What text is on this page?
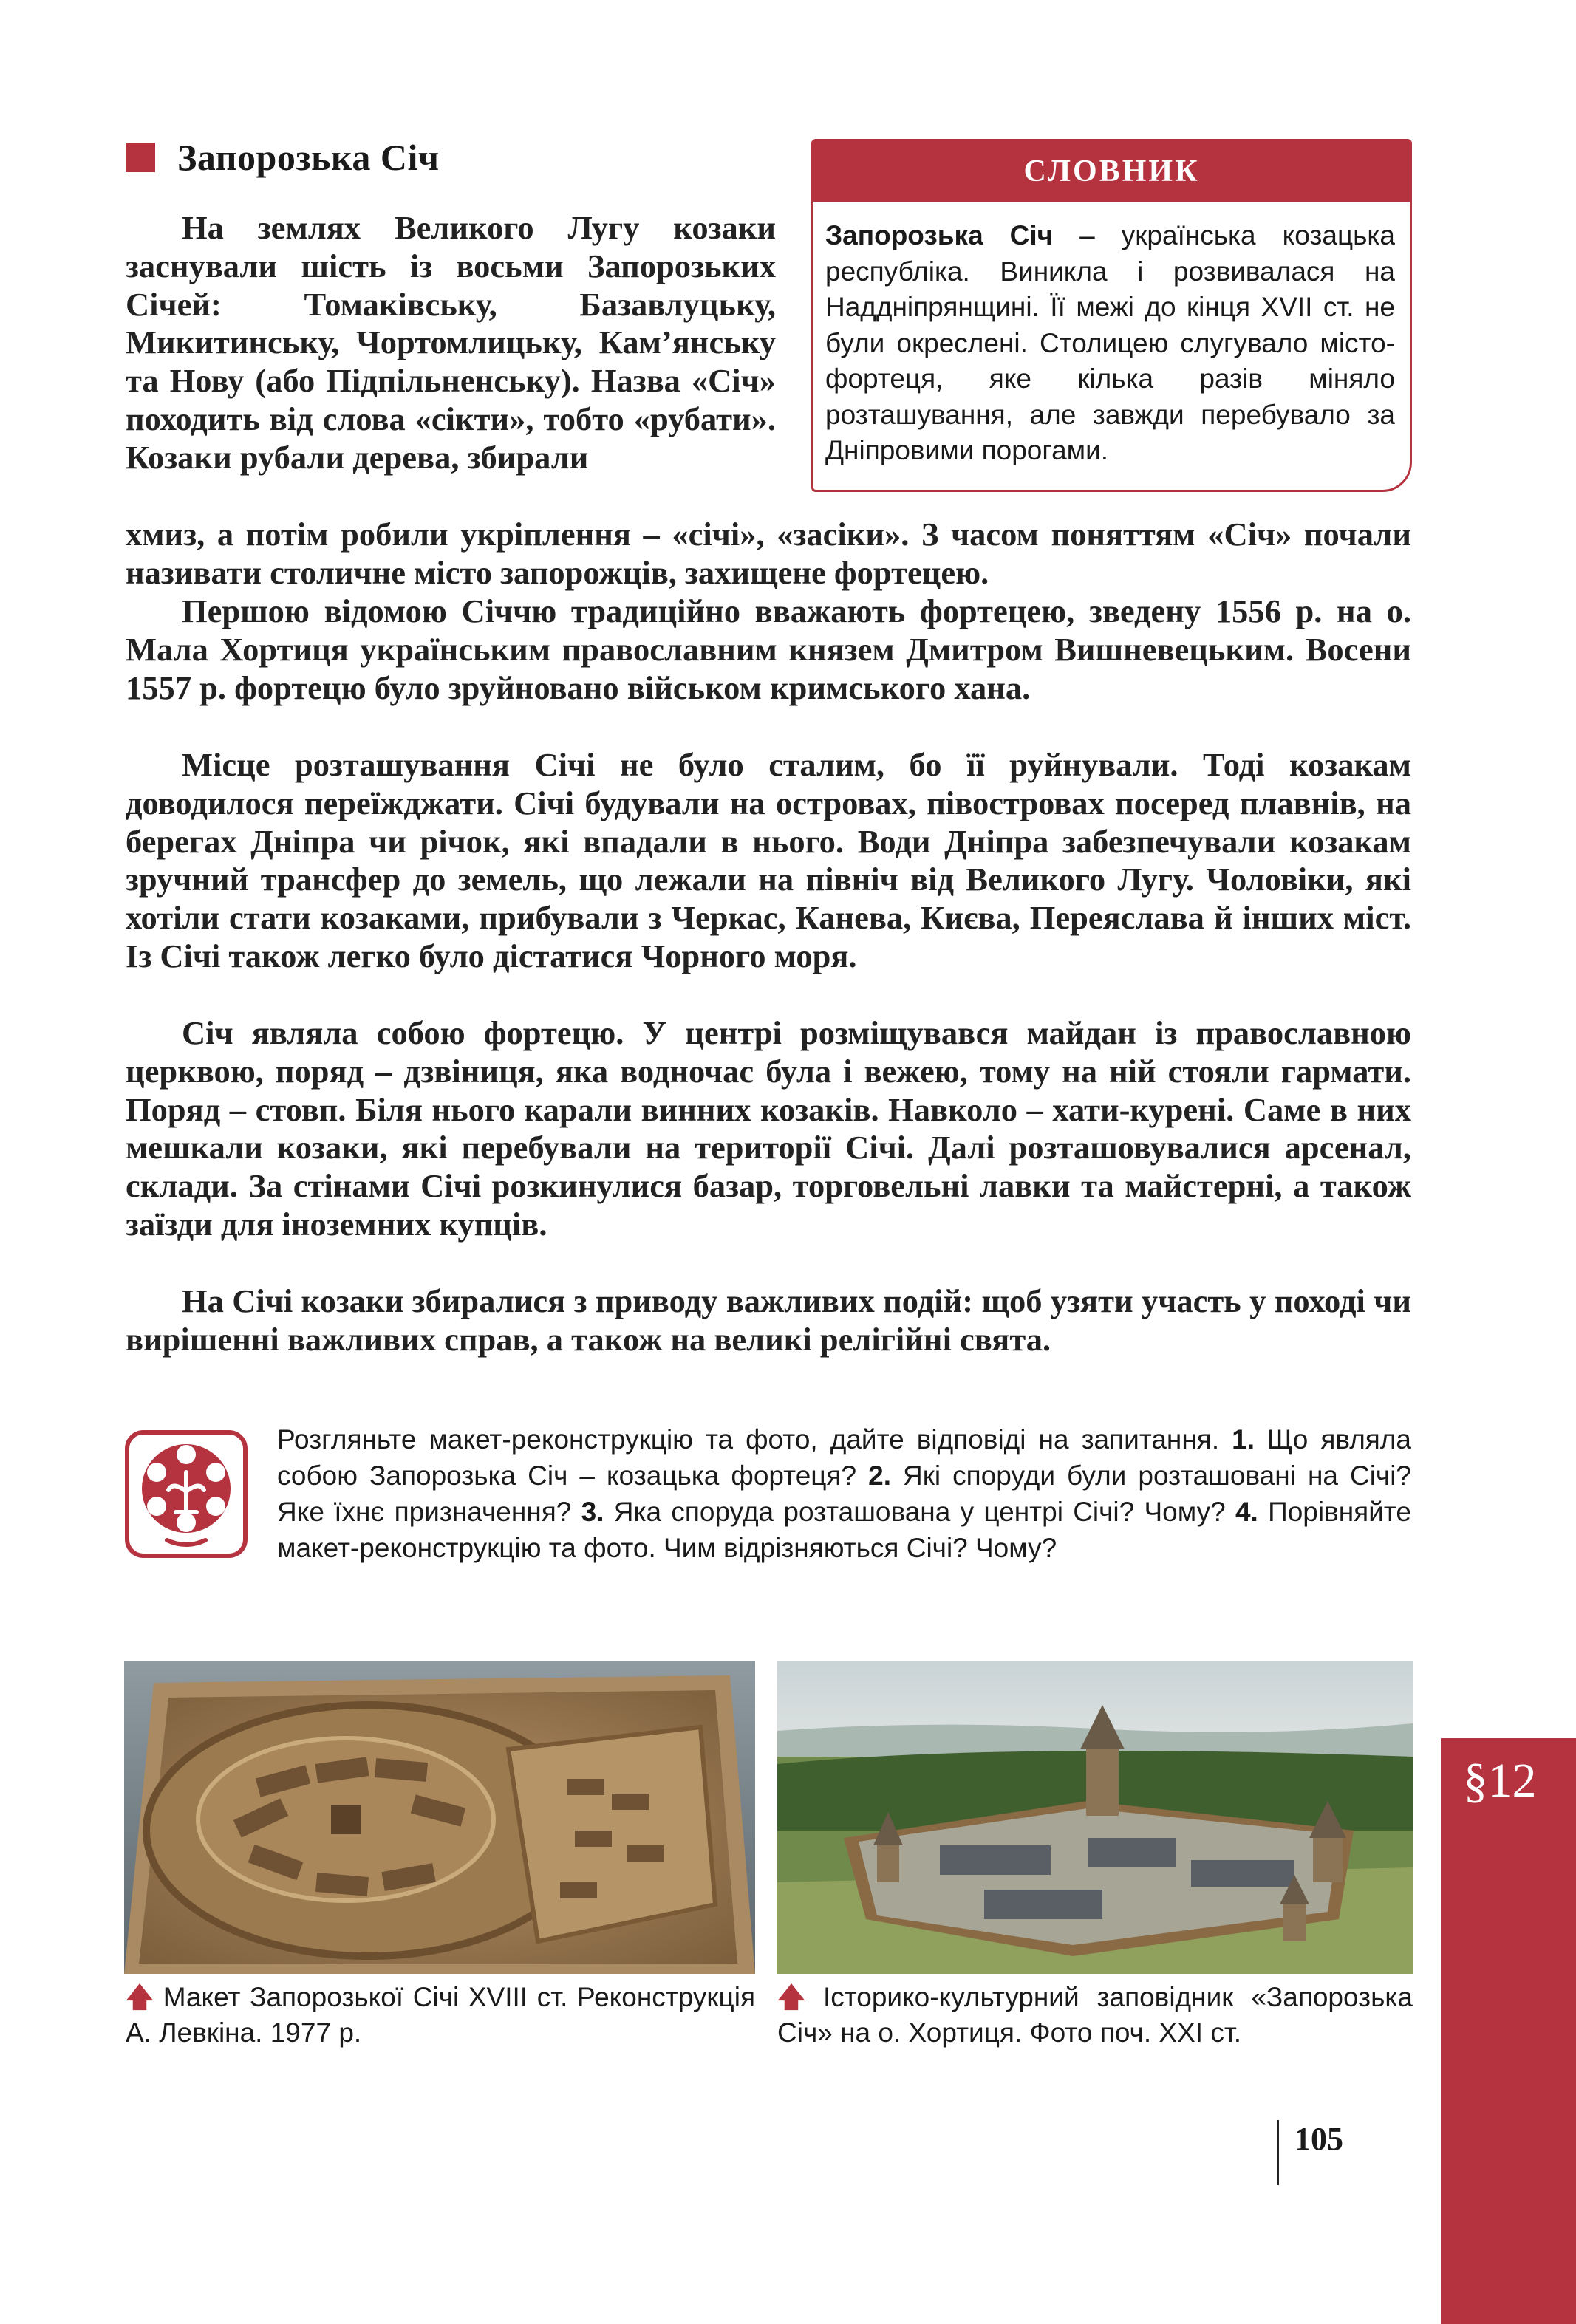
Запорозька Січ	СЛОВНИК
Запорозька Січ – українська козацька республіка. Виникла і розвивалася на Наддніпрянщині. Її межі до кінця XVII ст. не були окреслені. Столицею слугувало місто-фортеця, яке кілька разів міняло розташування, але завжди перебувало за Дніпровими порогами.
На землях Великого Лугу козаки заснували шість із восьми Запорозьких Січей: Томаківську, Базавлуцьку, Микитинську, Чортомлицьку, Кам’янську та Нову (або Підпільненську). Назва «Січ» походить від слова «сікти», тобто «рубати». Козаки рубали дерева, збирали
хмиз, а потім робили укріплення – «січі», «засіки». З часом поняттям «Січ» почали називати столичне місто запорожців, захищене фортецею.
Першою відомою Січчю традиційно вважають фортецею, зведену 1556 р. на о. Мала Хортиця українським православним князем Дмитром Вишневецьким. Восени 1557 р. фортецю було зруйновано військом кримського хана.
Місце розташування Січі не було сталим, бо її руйнували. Тоді козакам доводилося переїжджати. Січі будували на островах, півостровах посеред плавнів, на берегах Дніпра чи річок, які впадали в нього. Води Дніпра забезпечували козакам зручний трансфер до земель, що лежали на північ від Великого Лугу. Чоловіки, які хотіли стати козаками, прибували з Черкас, Канева, Києва, Переяслава й інших міст. Із Січі також легко було дістатися Чорного моря.
Січ являла собою фортецю. У центрі розміщувався майдан із православною церквою, поряд – дзвіниця, яка водночас була і вежею, тому на ній стояли гармати. Поряд – стовп. Біля нього карали винних козаків. Навколо – хати-курені. Саме в них мешкали козаки, які перебували на території Січі. Далі розташовувалися арсенал, склади. За стінами Січі розкинулися базар, торговельні лавки та майстерні, а також заїзди для іноземних купців.
На Січі козаки збиралися з приводу важливих подій: щоб узяти участь у поході чи вирішенні важливих справ, а також на великі релігійні свята.
Розгляньте макет-реконструкцію та фото, дайте відповіді на запитання. 1. Що являла собою Запорозька Січ – козацька фортеця? 2. Які споруди були розташовані на Січі? Яке їхнє призначення? 3. Яка споруда розташована у центрі Січі? Чому? 4. Порівняйте макет-реконструкцію та фото. Чим відрізняються Січі? Чому?
🡅 Макет Запорозької Січі XVIII ст. Реконструкція А. Левкіна. 1977 р.
🡅 Історико-культурний заповідник «Запорозька Січ» на о. Хортиця. Фото поч. XXI ст.
105
§12
